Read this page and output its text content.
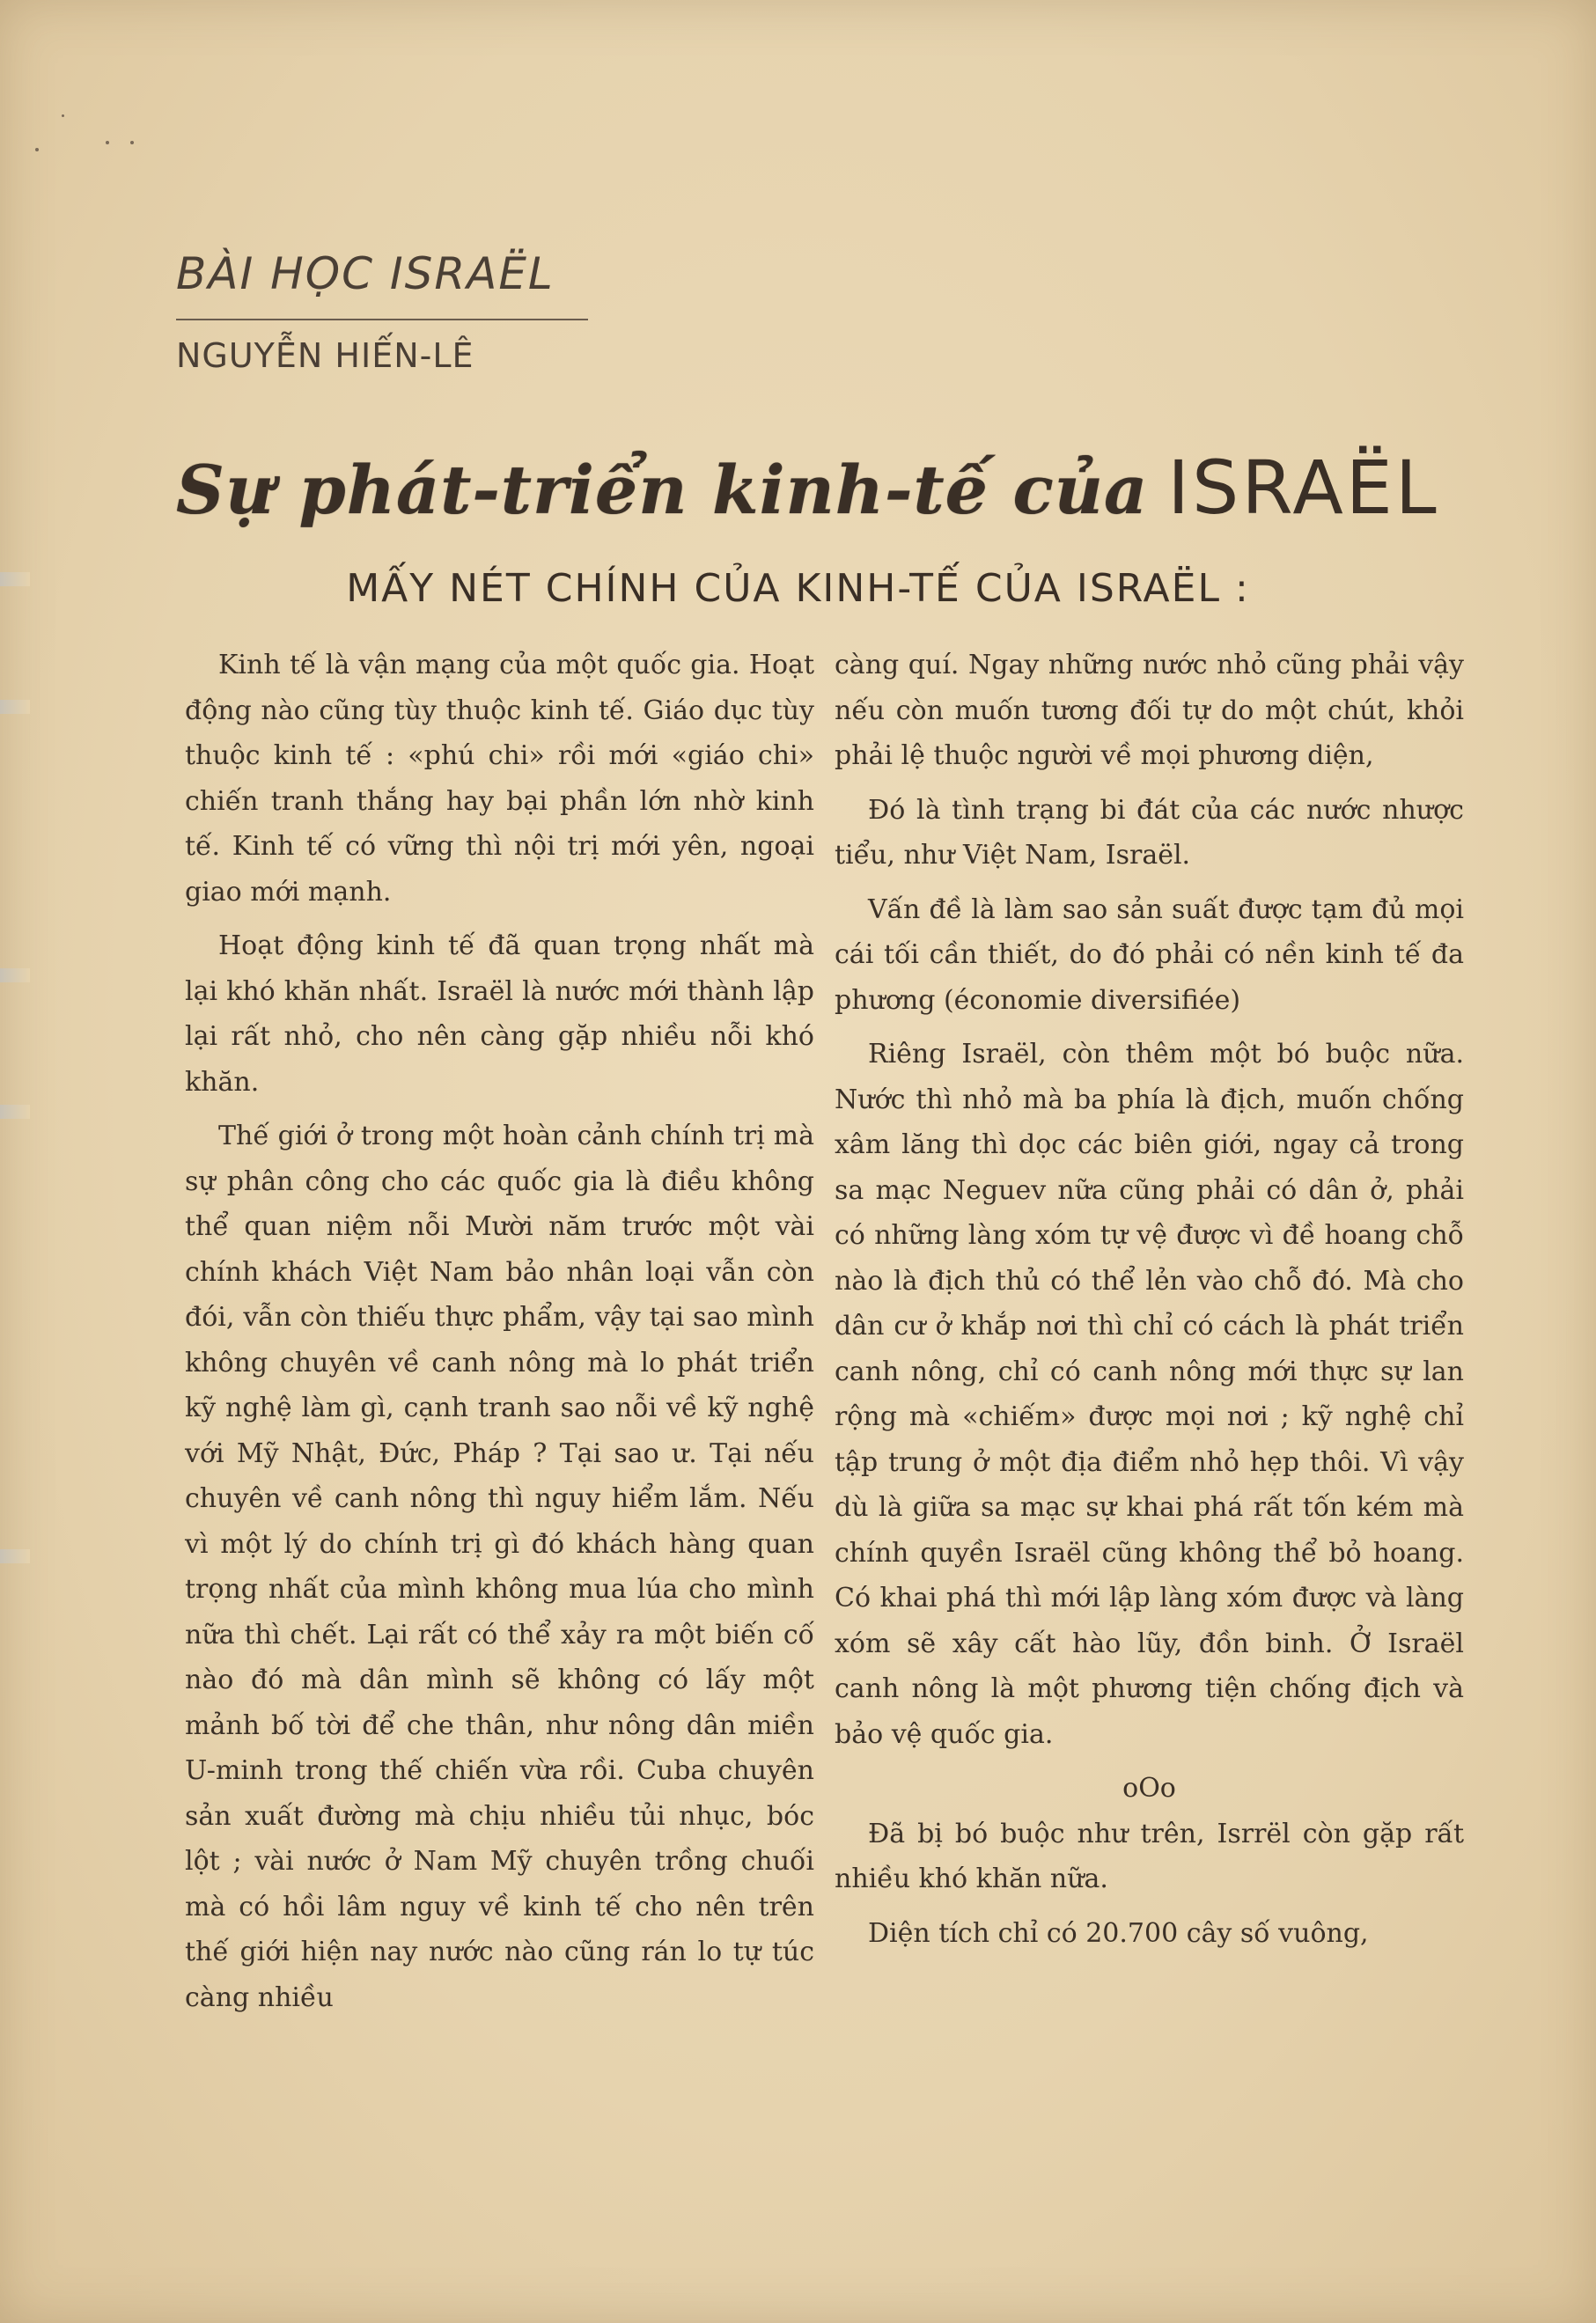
BÀI HỌC ISRAËL
NGUYỄN HIẾN-LÊ
Sự phát-triển kinh-tế của ISRAËL
MẤY NÉT CHÍNH CỦA KINH-TẾ CỦA ISRAËL :

Kinh tế là vận mạng của một quốc gia. Hoạt động nào cũng tùy thuộc kinh tế. Giáo dục tùy thuộc kinh tế : «phú chi» rồi mới «giáo chi» chiến tranh thắng hay bại phần lớn nhờ kinh tế. Kinh tế có vững thì nội trị mới yên, ngoại giao mới mạnh.

Hoạt động kinh tế đã quan trọng nhất mà lại khó khăn nhất. Israël là nước mới thành lập lại rất nhỏ, cho nên càng gặp nhiều nỗi khó khăn.

Thế giới ở trong một hoàn cảnh chính trị mà sự phân công cho các quốc gia là điều không thể quan niệm nỗi Mười năm trước một vài chính khách Việt Nam bảo nhân loại vẫn còn đói, vẫn còn thiếu thực phẩm, vậy tại sao mình không chuyên về canh nông mà lo phát triển kỹ nghệ làm gì, cạnh tranh sao nỗi về kỹ nghệ với Mỹ Nhật, Đức, Pháp ? Tại sao ư. Tại nếu chuyên về canh nông thì nguy hiểm lắm. Nếu vì một lý do chính trị gì đó khách hàng quan trọng nhất của mình không mua lúa cho mình nữa thì chết. Lại rất có thể xảy ra một biến cố nào đó mà dân mình sẽ không có lấy một mảnh bố tời để che thân, như nông dân miền U-minh trong thế chiến vừa rồi. Cuba chuyên sản xuất đường mà chịu nhiều tủi nhục, bóc lột ; vài nước ở Nam Mỹ chuyên trồng chuối mà có hồi lâm nguy về kinh tế cho nên trên thế giới hiện nay nước nào cũng rán lo tự túc càng nhiều

càng quí. Ngay những nước nhỏ cũng phải vậy nếu còn muốn tương đối tự do một chút, khỏi phải lệ thuộc người về mọi phương diện,

Đó là tình trạng bi đát của các nước nhược tiểu, như Việt Nam, Israël.

Vấn đề là làm sao sản suất được tạm đủ mọi cái tối cần thiết, do đó phải có nền kinh tế đa phương (économie diversifiée)

Riêng Israël, còn thêm một bó buộc nữa. Nước thì nhỏ mà ba phía là địch, muốn chống xâm lăng thì dọc các biên giới, ngay cả trong sa mạc Neguev nữa cũng phải có dân ở, phải có những làng xóm tự vệ được vì đề hoang chỗ nào là địch thủ có thể lẻn vào chỗ đó. Mà cho dân cư ở khắp nơi thì chỉ có cách là phát triển canh nông, chỉ có canh nông mới thực sự lan rộng mà «chiếm» được mọi nơi ; kỹ nghệ chỉ tập trung ở một địa điểm nhỏ hẹp thôi. Vì vậy dù là giữa sa mạc sự khai phá rất tốn kém mà chính quyền Israël cũng không thể bỏ hoang. Có khai phá thì mới lập làng xóm được và làng xóm sẽ xây cất hào lũy, đồn binh. Ở Israël canh nông là một phương tiện chống địch và bảo vệ quốc gia.

oOo

Đã bị bó buộc như trên, Isrrël còn gặp rất nhiều khó khăn nữa.

Diện tích chỉ có 20.700 cây số vuông,
